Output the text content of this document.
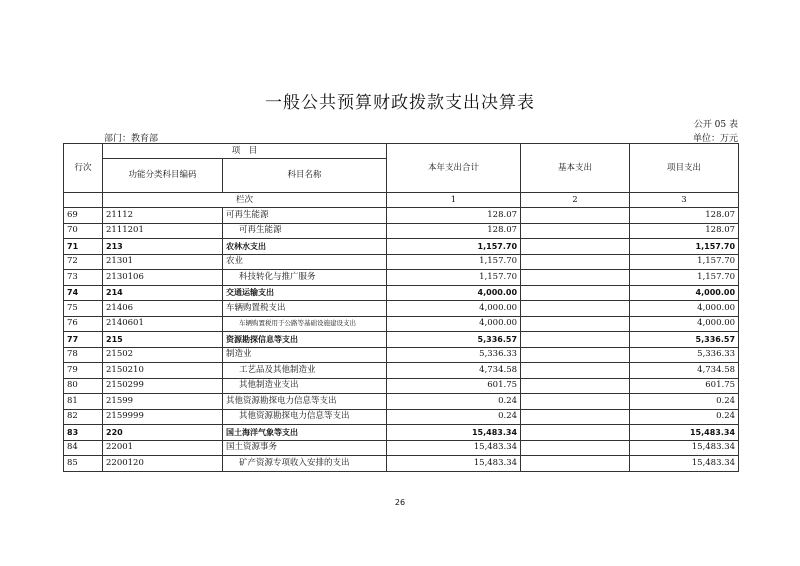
一般公共预算财政拨款支出决算表
公开 05 表
部门：教育部	单位：万元
行次	项　目		本年支出合计	基本支出	项目支出
	功能分类科目编码	科目名称			
	栏次		1	2	3
69	21112	可再生能源	128.07		128.07
70	2111201	可再生能源	128.07		128.07
71	213	农林水支出	1,157.70		1,157.70
72	21301	农业	1,157.70		1,157.70
73	2130106	科技转化与推广服务	1,157.70		1,157.70
74	214	交通运输支出	4,000.00		4,000.00
75	21406	车辆购置税支出	4,000.00		4,000.00
76	2140601	车辆购置税用于公路等基础设施建设支出	4,000.00		4,000.00
77	215	资源勘探信息等支出	5,336.57		5,336.57
78	21502	制造业	5,336.33		5,336.33
79	2150210	工艺品及其他制造业	4,734.58		4,734.58
80	2150299	其他制造业支出	601.75		601.75
81	21599	其他资源勘探电力信息等支出	0.24		0.24
82	2159999	其他资源勘探电力信息等支出	0.24		0.24
83	220	国土海洋气象等支出	15,483.34		15,483.34
84	22001	国土资源事务	15,483.34		15,483.34
85	2200120	矿产资源专项收入安排的支出	15,483.34		15,483.34
26
